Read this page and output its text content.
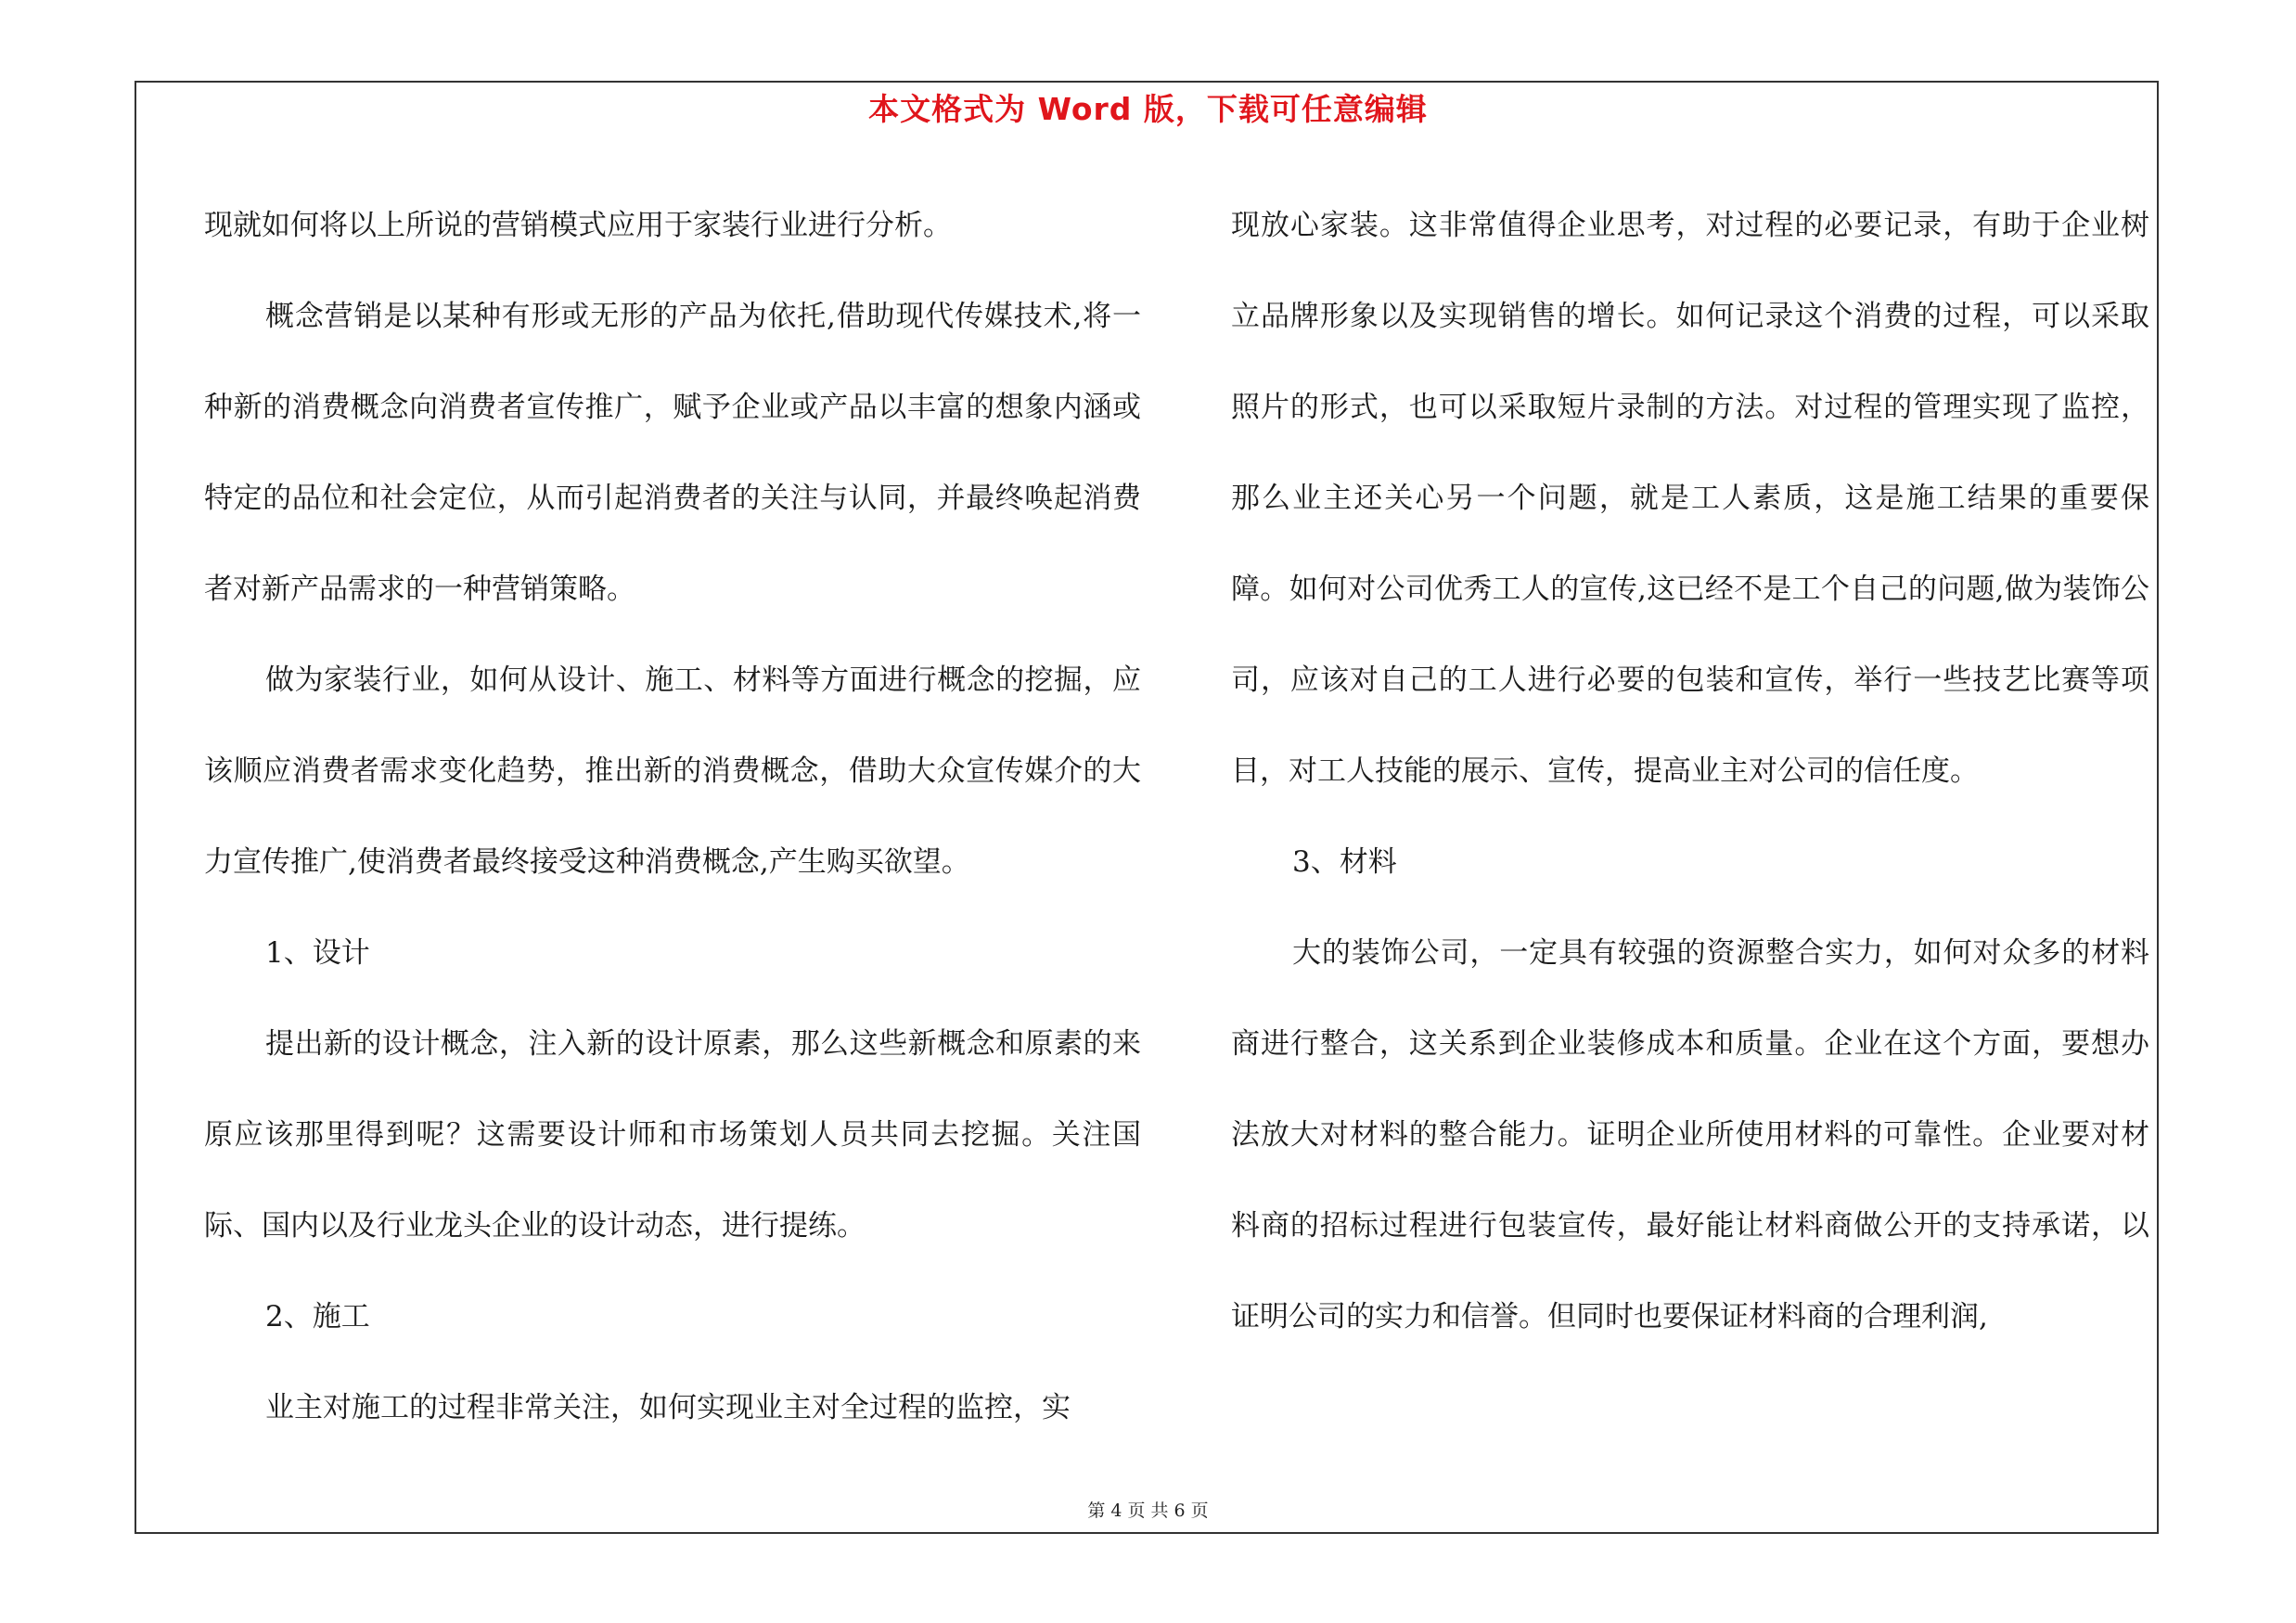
本文格式为 Word 版，下载可任意编辑

现就如何将以上所说的营销模式应用于家装行业进行分析。

概念营销是以某种有形或无形的产品为依托,借助现代传媒技术,将一种新的消费概念向消费者宣传推广，赋予企业或产品以丰富的想象内涵或特定的品位和社会定位，从而引起消费者的关注与认同，并最终唤起消费者对新产品需求的一种营销策略。

做为家装行业，如何从设计、施工、材料等方面进行概念的挖掘，应该顺应消费者需求变化趋势，推出新的消费概念，借助大众宣传媒介的大力宣传推广,使消费者最终接受这种消费概念,产生购买欲望。

1、设计

提出新的设计概念，注入新的设计原素，那么这些新概念和原素的来原应该那里得到呢？这需要设计师和市场策划人员共同去挖掘。关注国际、国内以及行业龙头企业的设计动态，进行提练。

2、施工

业主对施工的过程非常关注，如何实现业主对全过程的监控，实

现放心家装。这非常值得企业思考，对过程的必要记录，有助于企业树立品牌形象以及实现销售的增长。如何记录这个消费的过程，可以采取照片的形式，也可以采取短片录制的方法。对过程的管理实现了监控，那么业主还关心另一个问题，就是工人素质，这是施工结果的重要保障。如何对公司优秀工人的宣传,这已经不是工个自己的问题,做为装饰公司，应该对自己的工人进行必要的包装和宣传，举行一些技艺比赛等项目，对工人技能的展示、宣传，提高业主对公司的信任度。

3、材料

大的装饰公司，一定具有较强的资源整合实力，如何对众多的材料商进行整合，这关系到企业装修成本和质量。企业在这个方面，要想办法放大对材料的整合能力。证明企业所使用材料的可靠性。企业要对材料商的招标过程进行包装宣传，最好能让材料商做公开的支持承诺，以证明公司的实力和信誉。但同时也要保证材料商的合理利润,

第 4 页 共 6 页
